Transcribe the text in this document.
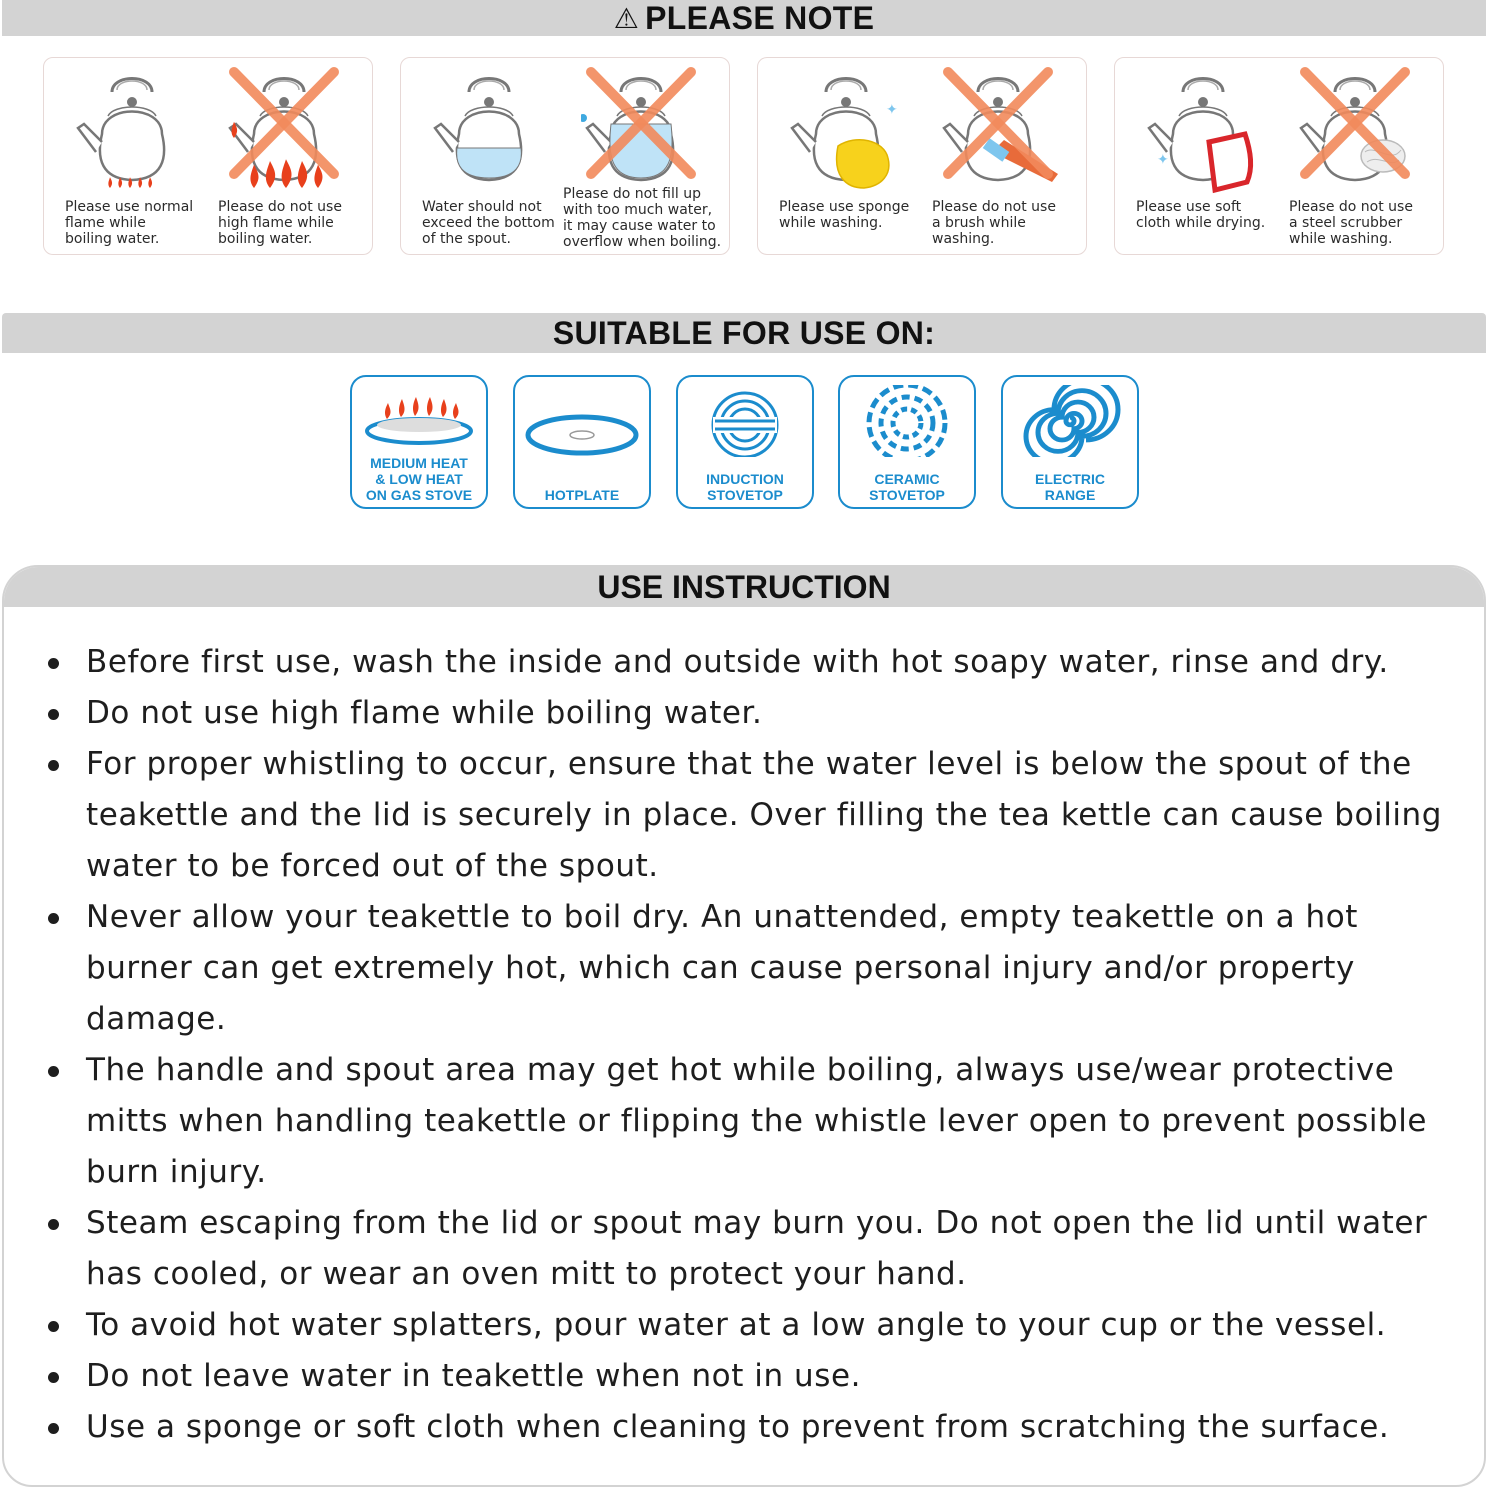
⚠ PLEASE NOTE
Please use normal
flame while
boiling water.
Please do not use
high flame while
boiling water.
Water should not
exceed the bottom
of the spout.
Please do not fill up
with too much water,
it may cause water to
overflow when boiling.
✦
Please use sponge
while washing.
Please do not use
a brush while
washing.
✦
Please use soft
cloth while drying.
Please do not use
a steel scrubber
while washing.
SUITABLE FOR USE ON:
MEDIUM HEAT
& LOW HEAT
ON GAS STOVE	HOTPLATE
INDUCTION
STOVETOP
CERAMIC
STOVETOP
ELECTRIC
RANGE
USE INSTRUCTION
Before first use, wash the inside and outside with hot soapy water, rinse and dry.
Do not use high flame while boiling water.
For proper whistling to occur, ensure that the water level is below the spout of the teakettle and the lid is securely in place. Over filling the tea kettle can cause boiling water to be forced out of the spout.
Never allow your teakettle to boil dry. An unattended, empty teakettle on a hot burner can get extremely hot, which can cause personal injury and/or property damage.
The handle and spout area may get hot while boiling, always use/wear protective mitts when handling teakettle or flipping the whistle lever open to prevent possible burn injury.
Steam escaping from the lid or spout may burn you. Do not open the lid until water has cooled, or wear an oven mitt to protect your hand.
To avoid hot water splatters, pour water at a low angle to your cup or the vessel.
Do not leave water in teakettle when not in use.
Use a sponge or soft cloth when cleaning to prevent from scratching the surface.
